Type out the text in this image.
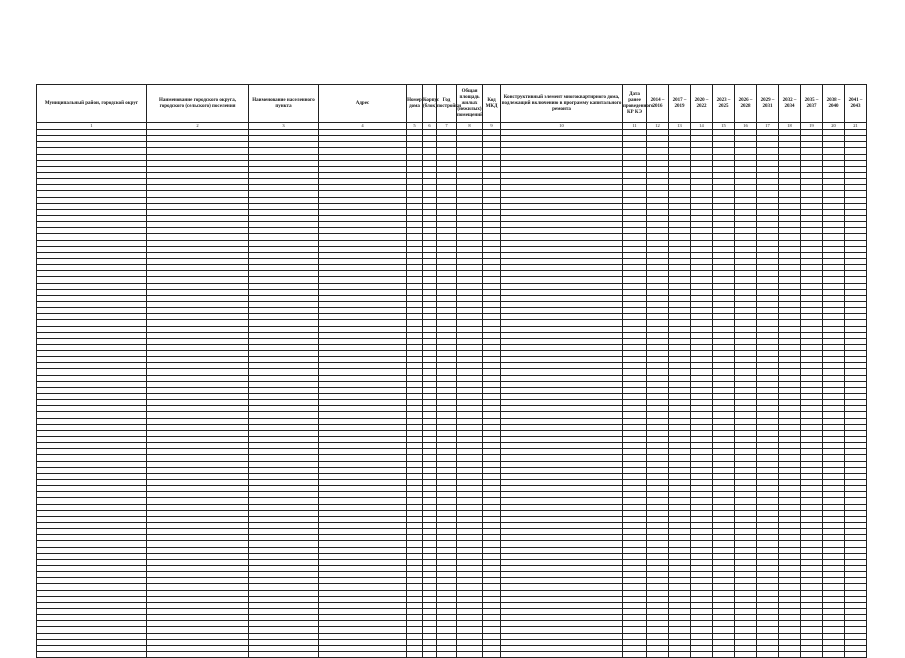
Муниципальный район, городской округ	Наименование городского округа, городского (сельского) поселения	Наименование населенного пункта	Адрес	Номер дома	Корпус (блок)	Год постройки	Общая площадь жилых (нежилых) помещений	Код МКД	Конструктивный элемент многоквартирного дома, подлежащий включению в программу капитального ремонта	Дата ранее проведенного КР КЭ	2014 – 2016	2017 – 2019	2020 – 2022	2023 – 2025	2026 – 2028	2029 – 2031	2032 – 2034	2035 – 2037	2038 – 2040	2041 – 2043
1	2	3	4	5	6	7	8	9	10	11	12	13	14	15	16	17	18	19	20	21
